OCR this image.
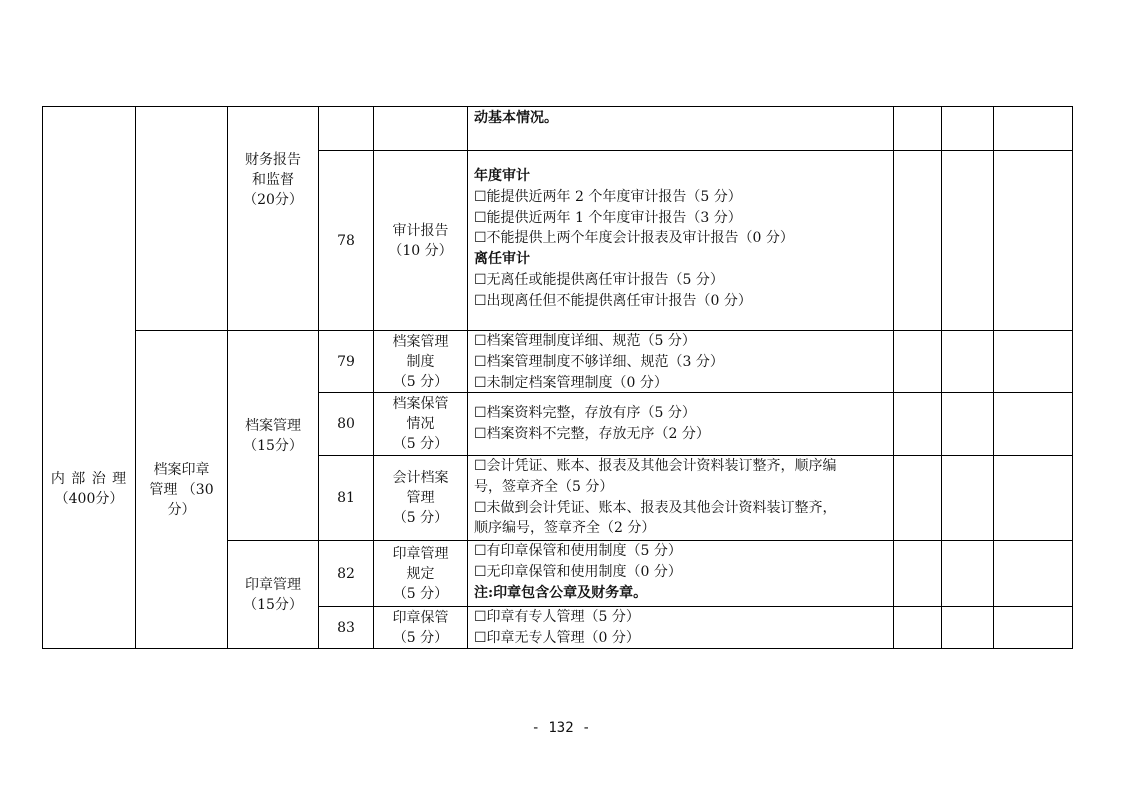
内 部 治 理
（400分）
档案印章
管理 （30
分）
财务报告
和监督
（20分）
档案管理
（15分）
印章管理
（15分）
动基本情况。
78
审计报告
（10 分）
年度审计
☐能提供近两年 2 个年度审计报告（5 分）
☐能提供近两年 1 个年度审计报告（3 分）
☐不能提供上两个年度会计报表及审计报告（0 分）
离任审计
☐无离任或能提供离任审计报告（5 分）
☐出现离任但不能提供离任审计报告（0 分）
79
档案管理
制度
（5 分）
☐档案管理制度详细、规范（5 分）
☐档案管理制度不够详细、规范（3 分）
☐未制定档案管理制度（0 分）
80
档案保管
情况
（5 分）
☐档案资料完整，存放有序（5 分）
☐档案资料不完整，存放无序（2 分）
81
会计档案
管理
（5 分）
☐会计凭证、账本、报表及其他会计资料装订整齐，顺序编
号，签章齐全（5 分）
☐未做到会计凭证、账本、报表及其他会计资料装订整齐，
顺序编号，签章齐全（2 分）
82
印章管理
规定
（5 分）
☐有印章保管和使用制度（5 分）
☐无印章保管和使用制度（0 分）
注:印章包含公章及财务章。
83
印章保管
（5 分）
☐印章有专人管理（5 分）
☐印章无专人管理（0 分）
- 132 -
